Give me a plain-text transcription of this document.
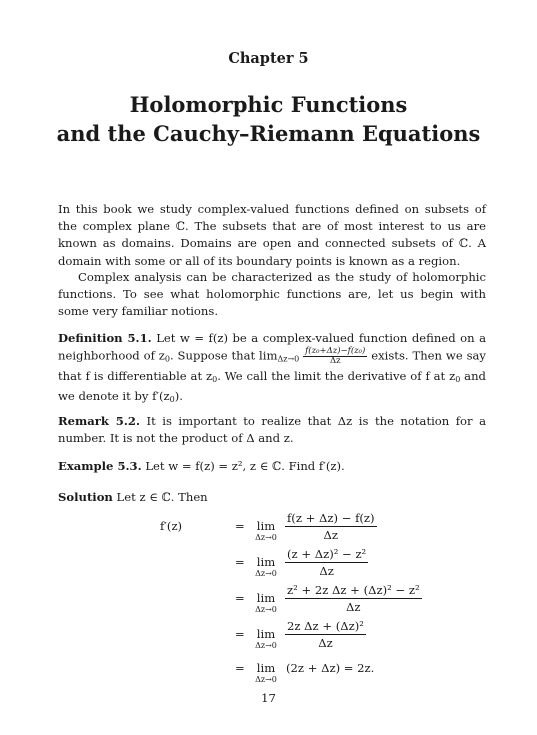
Chapter 5
Holomorphic Functions
and the Cauchy–Riemann Equations
In this book we study complex-valued functions defined on subsets of the complex plane ℂ. The subsets that are of most interest to us are known as domains. Domains are open and connected subsets of ℂ. A domain with some or all of its boundary points is known as a region.
Complex analysis can be characterized as the study of holomorphic functions. To see what holomorphic functions are, let us begin with some very familiar notions.
Definition 5.1. Let w = f(z) be a complex-valued function defined on a neighborhood of $z_0$. Suppose that $\lim_{\Delta z\to 0} \frac{\text{f(z₀+Δz)−f(z₀)}}{\Delta z}$ exists. Then we say that f is differentiable at $z_0$. We call the limit the derivative of f at $z_0$ and we denote it by $f'(z_0)$.
Remark 5.2. It is important to realize that Δz is the notation for a number. It is not the product of Δ and z.
Example 5.3. Let w = f(z) = z², z ∈ ℂ. Find f′(z).
Solution Let z ∈ ℂ. Then
f′(z)	=	lim
$\Delta z\to 0 \frac{f(z + \Delta z) - f(z)}{\Delta z}$
=	lim
$\Delta z\to 0 \frac{\text{(z + Δz)² − z²}}{\Delta z}$
=	lim
$\Delta z\to 0 \frac{\text{z² + 2z Δz + (Δz)² − z²}}{\Delta z}$
=	lim
$\Delta z\to 0 \frac{\text{2z Δz + (Δz)²}}{\Delta z}$
=	lim
Δz→0
(2z + Δz) = 2z.
17
